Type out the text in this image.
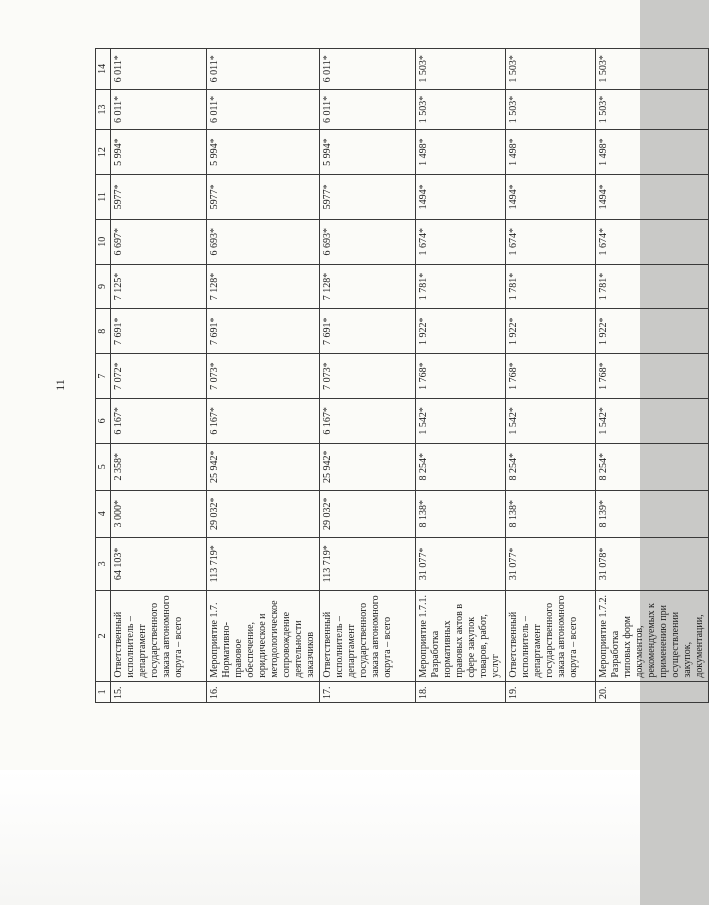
11
1	2	3	4	5	6	7	8	9	10	11	12	13	14
15.	Ответственный исполнитель – департамент государственного заказа автономного округа – всего	64 103*	3 000*	2 358*	6 167*	7 072*	7 691*	7 125*	6 697*	5977*	5 994*	6 011*	6 011*
16.	Мероприятие 1.7. Нормативно-правовое обеспечение, юридическое и методологическое сопровождение деятельности заказчиков	113 719*	29 032*	25 942*	6 167*	7 073*	7 691*	7 128*	6 693*	5977*	5 994*	6 011*	6 011*
17.	Ответственный исполнитель – департамент государственного заказа автономного округа – всего	113 719*	29 032*	25 942*	6 167*	7 073*	7 691*	7 128*	6 693*	5977*	5 994*	6 011*	6 011*
18.	Мероприятие 1.7.1. Разработка нормативных правовых актов в сфере закупок товаров, работ, услуг	31 077*	8 138*	8 254*	1 542*	1 768*	1 922*	1 781*	1 674*	1494*	1 498*	1 503*	1 503*
19.	Ответственный исполнитель – департамент государственного заказа автономного округа – всего	31 077*	8 138*	8 254*	1 542*	1 768*	1 922*	1 781*	1 674*	1494*	1 498*	1 503*	1 503*
20.	Мероприятие 1.7.2. Разработка типовых форм документов, рекомендуемых к применению при осуществлении закупок, документации,	31 078*	8 139*	8 254*	1 542*	1 768*	1 922*	1 781*	1 674*	1494*	1 498*	1 503*	1 503*
